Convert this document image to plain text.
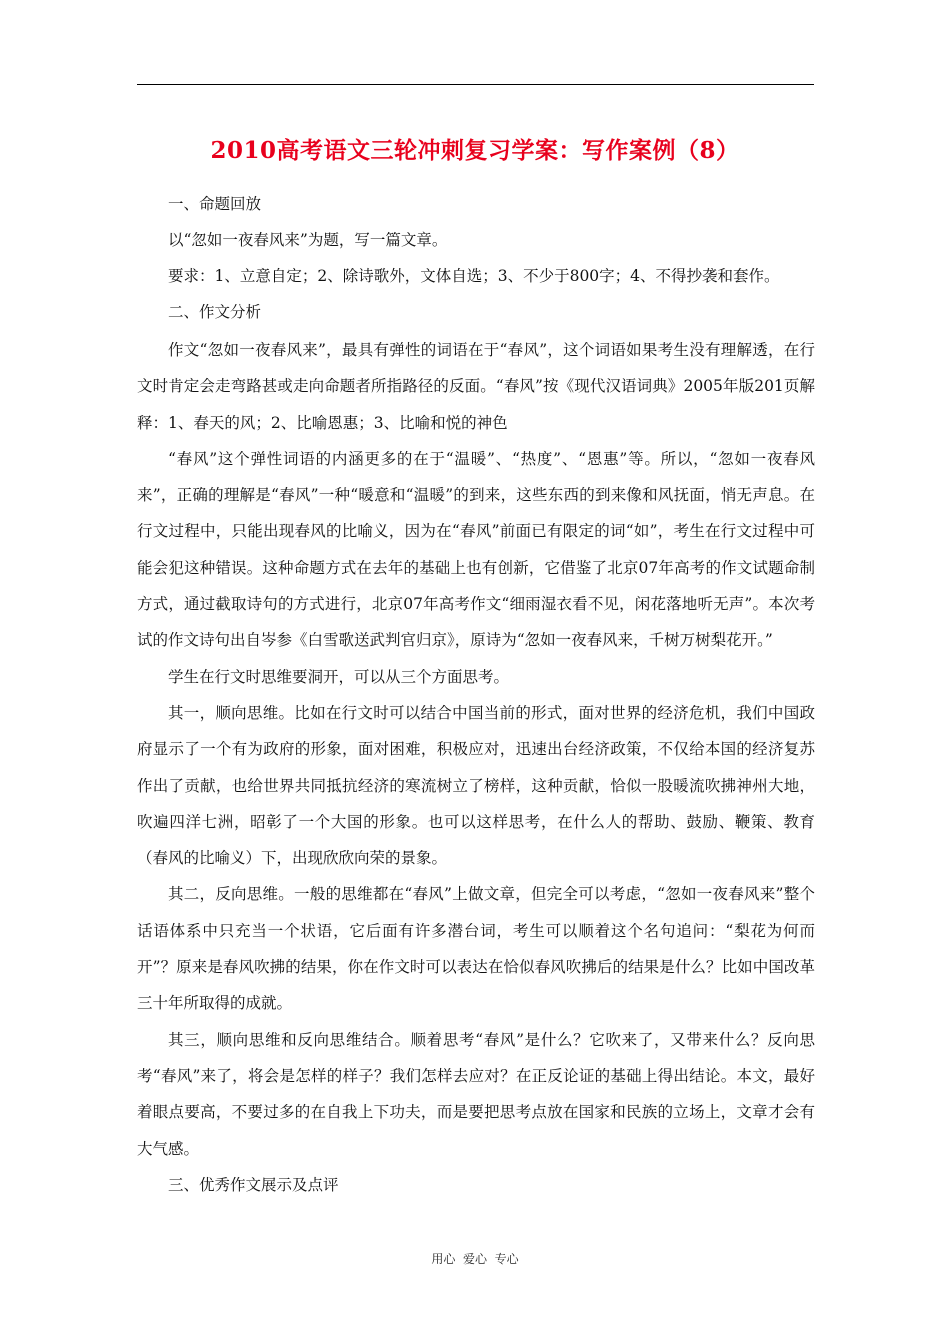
2010高考语文三轮冲刺复习学案：写作案例（8）
一、命题回放
以“忽如一夜春风来”为题，写一篇文章。
要求：1、立意自定；2、除诗歌外，文体自选；3、不少于800字；4、不得抄袭和套作。
二、作文分析

作文“忽如一夜春风来”，最具有弹性的词语在于“春风”，这个词语如果考生没有理解透，在行文时肯定会走弯路甚或走向命题者所指路径的反面。“春风”按《现代汉语词典》2005年版201页解释：1、春天的风；2、比喻恩惠；3、比喻和悦的神色

“春风”这个弹性词语的内涵更多的在于“温暖”、“热度”、“恩惠”等。所以，“忽如一夜春风来”，正确的理解是“春风”一种“暖意和“温暖”的到来，这些东西的到来像和风抚面，悄无声息。在行文过程中，只能出现春风的比喻义，因为在“春风”前面已有限定的词“如”，考生在行文过程中可能会犯这种错误。这种命题方式在去年的基础上也有创新，它借鉴了北京07年高考的作文试题命制方式，通过截取诗句的方式进行，北京07年高考作文“细雨湿衣看不见，闲花落地听无声”。本次考试的作文诗句出自岑参《白雪歌送武判官归京》，原诗为“忽如一夜春风来，千树万树梨花开。”

学生在行文时思维要洞开，可以从三个方面思考。

其一，顺向思维。比如在行文时可以结合中国当前的形式，面对世界的经济危机，我们中国政府显示了一个有为政府的形象，面对困难，积极应对，迅速出台经济政策，不仅给本国的经济复苏作出了贡献，也给世界共同抵抗经济的寒流树立了榜样，这种贡献，恰似一股暖流吹拂神州大地，吹遍四洋七洲，昭彰了一个大国的形象。也可以这样思考，在什么人的帮助、鼓励、鞭策、教育（春风的比喻义）下，出现欣欣向荣的景象。

其二，反向思维。一般的思维都在“春风”上做文章，但完全可以考虑，“忽如一夜春风来”整个话语体系中只充当一个状语，它后面有许多潜台词，考生可以顺着这个名句追问：“梨花为何而开”？原来是春风吹拂的结果，你在作文时可以表达在恰似春风吹拂后的结果是什么？比如中国改革三十年所取得的成就。

其三，顺向思维和反向思维结合。顺着思考“春风”是什么？它吹来了，又带来什么？反向思考“春风”来了，将会是怎样的样子？我们怎样去应对？在正反论证的基础上得出结论。本文，最好着眼点要高，不要过多的在自我上下功夫，而是要把思考点放在国家和民族的立场上，文章才会有大气感。

三、优秀作文展示及点评
用心  爱心  专心
